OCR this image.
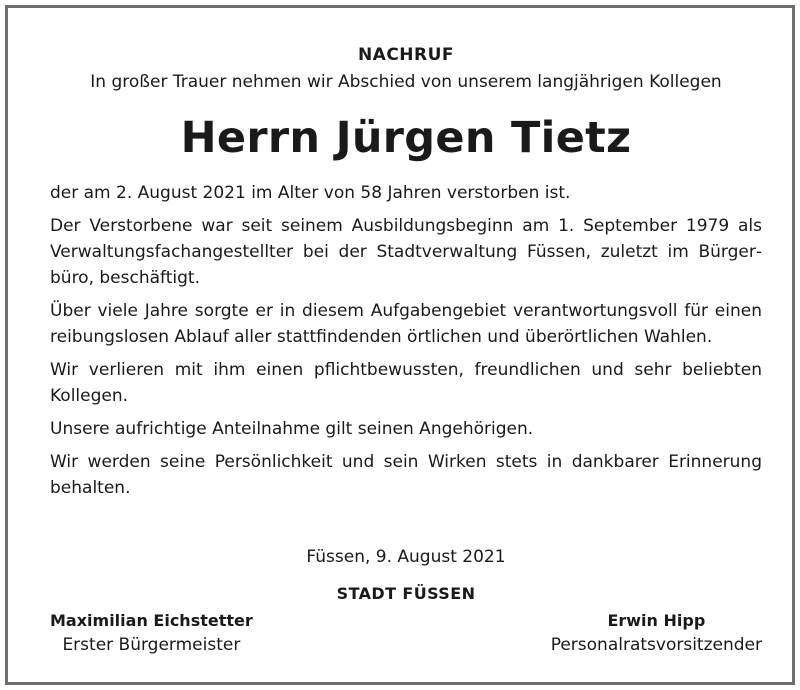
NACHRUF

In großer Trauer nehmen wir Abschied von unserem langjährigen Kollegen

Herrn Jürgen Tietz

der am 2. August 2021 im Alter von 58 Jahren verstorben ist.

Der Verstorbene war seit seinem Ausbildungsbeginn am 1. September 1979 als Verwaltungsfachangestellter bei der Stadtverwaltung Füssen, zuletzt im Bürgerbüro, beschäftigt.

Über viele Jahre sorgte er in diesem Aufgabengebiet verantwortungsvoll für einen reibungslosen Ablauf aller stattfindenden örtlichen und überörtlichen Wahlen.

Wir verlieren mit ihm einen pflichtbewussten, freundlichen und sehr beliebten Kollegen.

Unsere aufrichtige Anteilnahme gilt seinen Angehörigen.

Wir werden seine Persönlichkeit und sein Wirken stets in dankbarer Erinnerung behalten.

Füssen, 9. August 2021

STADT FÜSSEN

Maximilian Eichstetter
Erster Bürgermeister
Erwin Hipp
Personalratsvorsitzender
